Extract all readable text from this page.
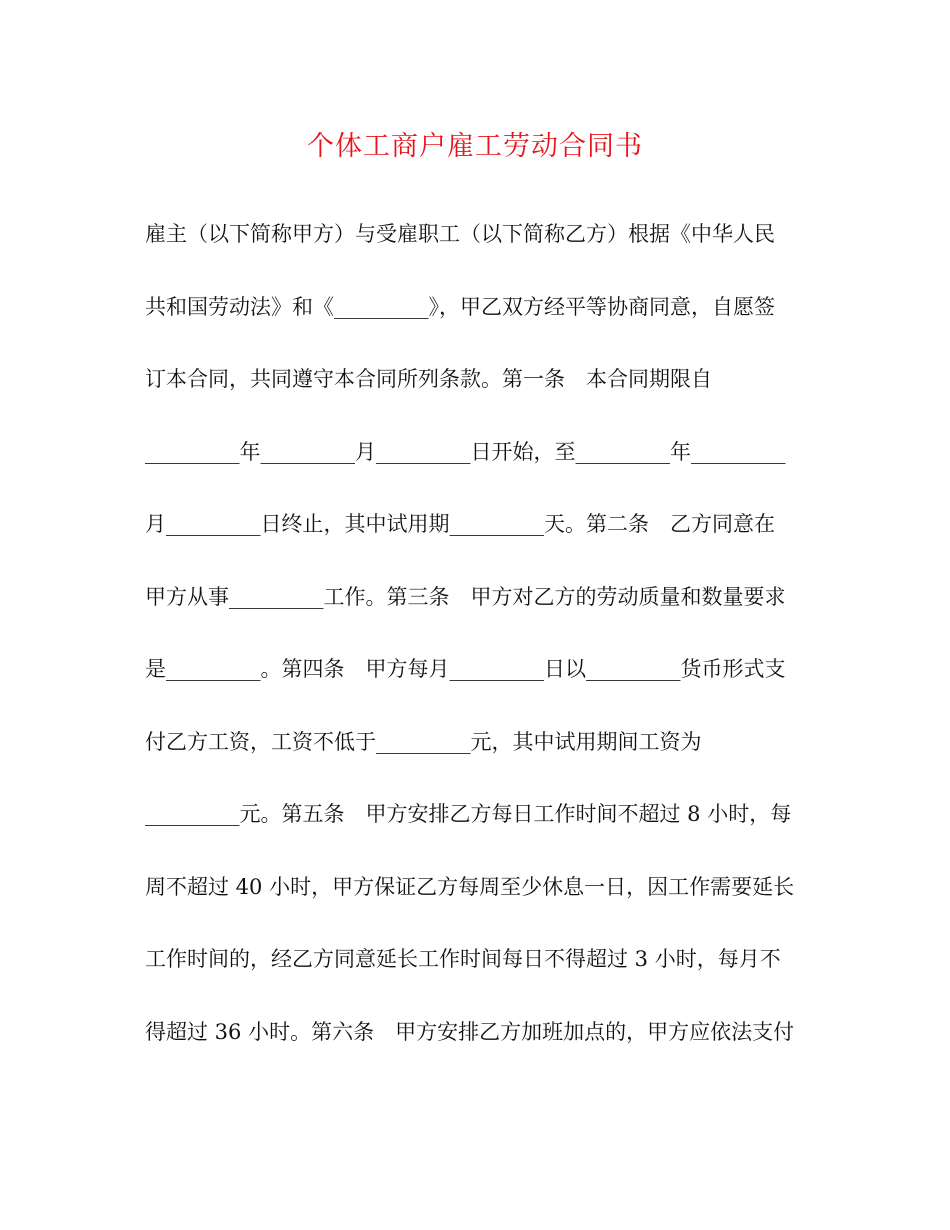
个体工商户雇工劳动合同书
雇主（以下简称甲方）与受雇职工（以下简称乙方）根据《中华人民
共和国劳动法》和《_________》，甲乙双方经平等协商同意，自愿签
订本合同，共同遵守本合同所列条款。第一条　本合同期限自
_________年_________月_________日开始，至_________年_________
月_________日终止，其中试用期_________天。第二条　乙方同意在
甲方从事_________工作。第三条　甲方对乙方的劳动质量和数量要求
是_________。第四条　甲方每月_________日以_________货币形式支
付乙方工资，工资不低于_________元，其中试用期间工资为
_________元。第五条　甲方安排乙方每日工作时间不超过 8 小时，每
周不超过 40 小时，甲方保证乙方每周至少休息一日，因工作需要延长
工作时间的，经乙方同意延长工作时间每日不得超过 3 小时，每月不
得超过 36 小时。第六条　甲方安排乙方加班加点的，甲方应依法支付
